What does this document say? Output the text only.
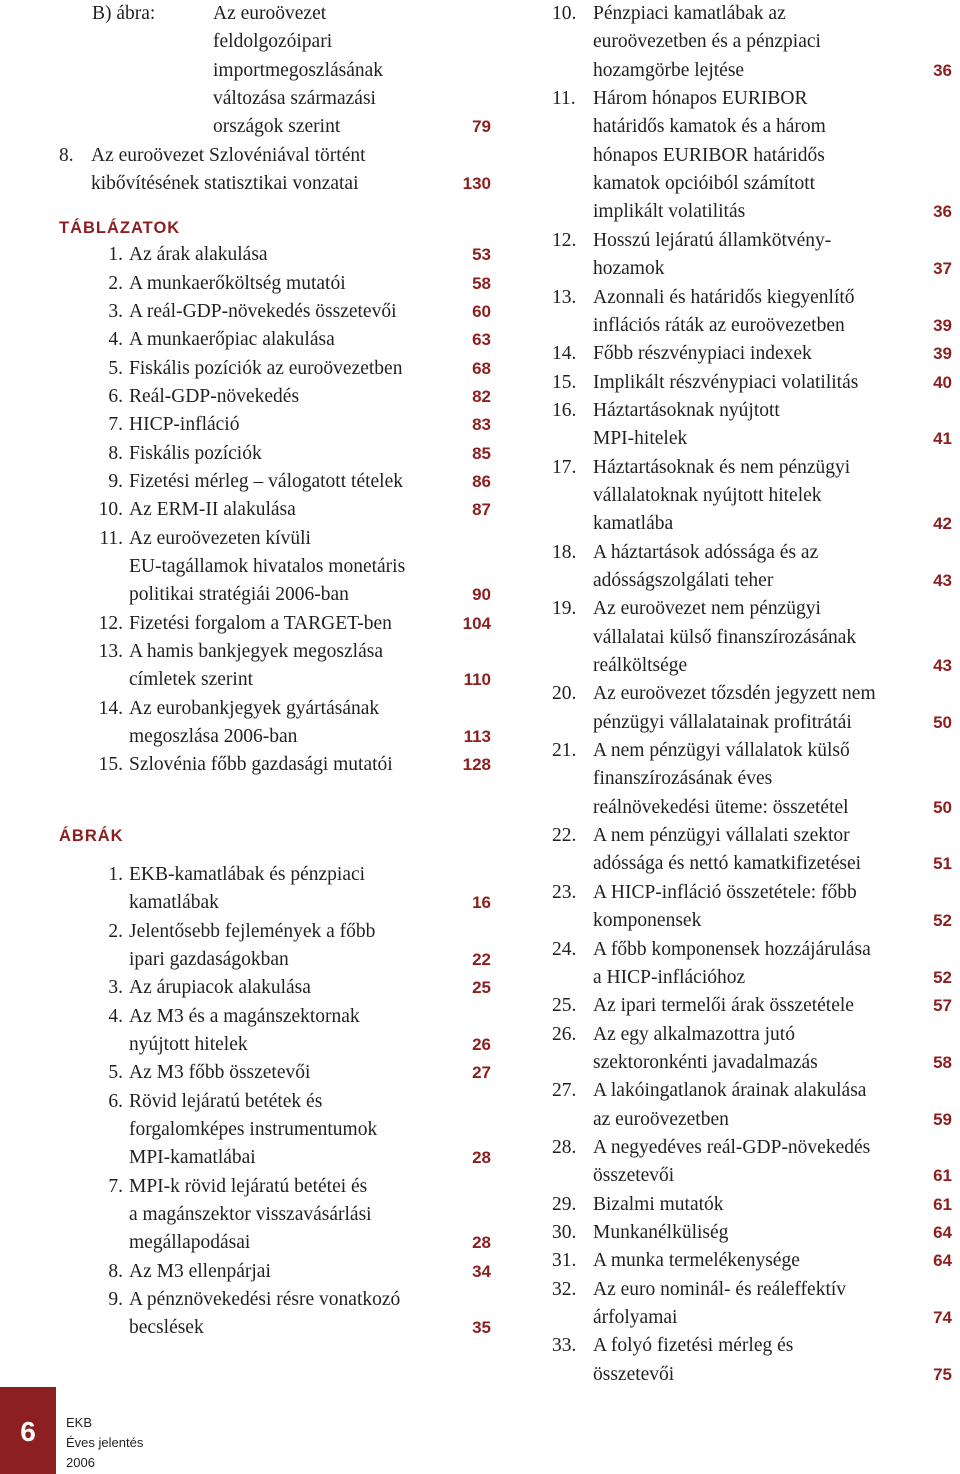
B) ábra:	Az euroövezet
feldolgozóipari
importmegoszlásának
változása származási
országok szerint	79
8. Az euroövezet Szlovéniával történt
kibővítésének statisztikai vonzatai	130
TÁBLÁZATOK
1. Az árak alakulása	53
2. A munkaerőköltség mutatói	58
3. A reál-GDP-növekedés összetevői	60
4. A munkaerőpiac alakulása	63
5. Fiskális pozíciók az euroövezetben	68
6. Reál-GDP-növekedés	82
7. HICP-infláció	83
8. Fiskális pozíciók	85
9. Fizetési mérleg – válogatott tételek	86
10. Az ERM-II alakulása	87
11. Az euroövezeten kívüli
EU-tagállamok hivatalos monetáris
politikai stratégiái 2006-ban	90
12. Fizetési forgalom a TARGET-ben	104
13. A hamis bankjegyek megoszlása
címletek szerint	110
14. Az eurobankjegyek gyártásának
megoszlása 2006-ban	113
15. Szlovénia főbb gazdasági mutatói	128
ÁBRÁK
1. EKB-kamatlábak és pénzpiaci
kamatlábak	16
2. Jelentősebb fejlemények a főbb
ipari gazdaságokban	22
3. Az árupiacok alakulása	25
4. Az M3 és a magánszektornak
nyújtott hitelek	26
5. Az M3 főbb összetevői	27
6. Rövid lejáratú betétek és
forgalomképes instrumentumok
MPI-kamatlábai	28
7. MPI-k rövid lejáratú betétei és
a magánszektor visszavásárlási
megállapodásai	28
8. Az M3 ellenpárjai	34
9. A pénznövekedési résre vonatkozó
becslések	35
10. Pénzpiaci kamatlábak az
euroövezetben és a pénzpiaci
hozamgörbe lejtése	36
11. Három hónapos EURIBOR
határidős kamatok és a három
hónapos EURIBOR határidős
kamatok opcióiból számított
implikált volatilitás	36
12. Hosszú lejáratú államkötvény-
hozamok	37
13. Azonnali és határidős kiegyenlítő
inflációs ráták az euroövezetben	39
14. Főbb részvénypiaci indexek	39
15. Implikált részvénypiaci volatilitás	40
16. Háztartásoknak nyújtott
MPI-hitelek	41
17. Háztartásoknak és nem pénzügyi
vállalatoknak nyújtott hitelek
kamatlába	42
18. A háztartások adóssága és az
adósságszolgálati teher	43
19. Az euroövezet nem pénzügyi
vállalatai külső finanszírozásának
reálköltsége	43
20. Az euroövezet tőzsdén jegyzett nem
pénzügyi vállalatainak profitrátái	50
21. A nem pénzügyi vállalatok külső
finanszírozásának éves
reálnövekedési üteme: összetétel	50
22. A nem pénzügyi vállalati szektor
adóssága és nettó kamatkifizetései	51
23. A HICP-infláció összetétele: főbb
komponensek	52
24. A főbb komponensek hozzájárulása
a HICP-inflációhoz	52
25. Az ipari termelői árak összetétele	57
26. Az egy alkalmazottra jutó
szektoronkénti javadalmazás	58
27. A lakóingatlanok árainak alakulása
az euroövezetben	59
28. A negyedéves reál-GDP-növekedés
összetevői	61
29. Bizalmi mutatók	61
30. Munkanélküliség	64
31. A munka termelékenysége	64
32. Az euro nominál- és reáleffektív
árfolyamai	74
33. A folyó fizetési mérleg és
összetevői	75
6	EKB
Éves jelentés
2006
